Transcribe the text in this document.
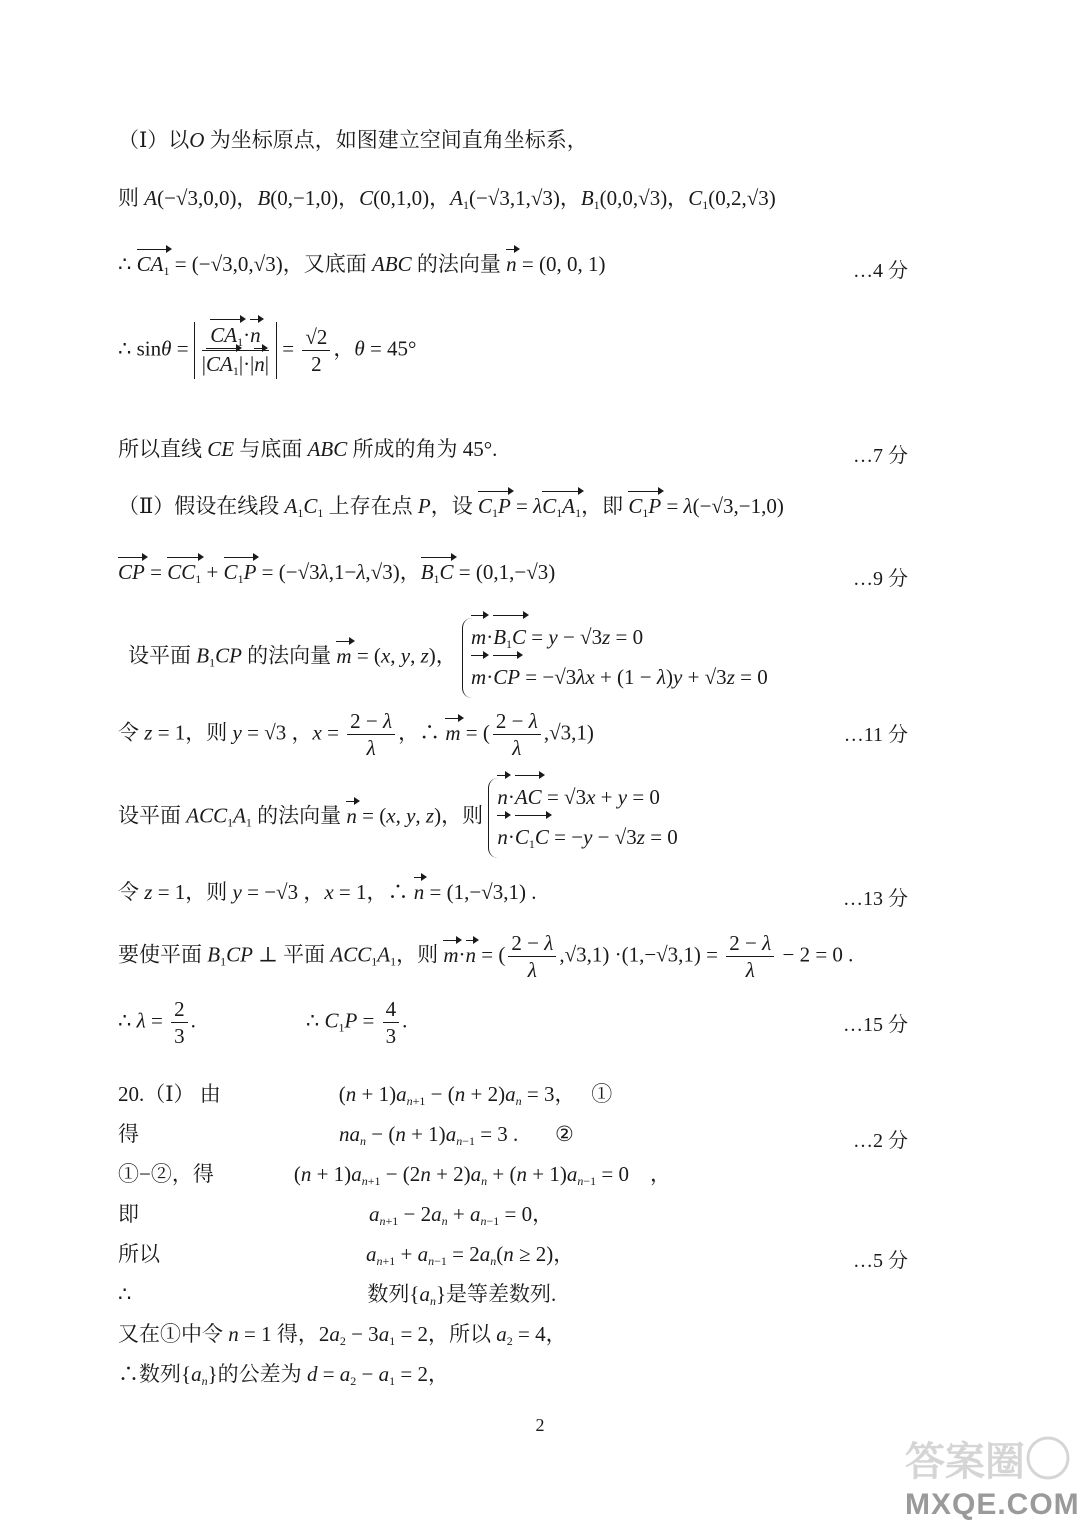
（Ⅰ）以O 为坐标原点，如图建立空间直角坐标系，
则 A(−√3,0,0)，B(0,−1,0)，C(0,1,0)，$A_1(-√3,1,√3)$，$B_1(0,0,√3)$，$C_1(0,2,√3)$
∴ $CA_1 = (-√3,0,√3)$，又底面 ABC 的法向量 n = (0, 0, 1)	…4 分
∴ $\sin\theta = \frac{CA_1\cdot n}{|CA_1|\cdot|n|} = \frac{√2}{2}$ ，θ = 45°
所以直线 CE 与底面 ABC 所成的角为 45°.	…7 分
（Ⅱ）假设在线段 $A_1C_1$ 上存在点 P，设 $C_1P = \lambda C_1A_1$，即 $C_1P = \lambda(-√3,-1,0)$
CP = $CC_1 + C_1P = (-√3\lambda,1-\lambda,√3)$，$B_1C = (0,1,-√3)$	…9 分
设平面 $B_1CP$ 的法向量 m = (x, y, z)，
$m\cdot B_1C = y - √3z = 0$
m·CP = −√3λx + (1 − λ)y + √3z = 0
令 z = 1，则 y = √3 ，$x = \frac{2 - \lambda}{\lambda}$ ，∴ m = ( $\frac{2 - \lambda}{\lambda} ,√3,1$)	…11 分
设平面 $ACC_1A_1$ 的法向量 n = (x, y, z)，则
n·AC = √3x + y = 0
$n\cdot C_1C = -y - √3z = 0$
令 z = 1，则 y = −√3 ，x = 1，∴ n = (1,−√3,1) .	…13 分
要使平面 $B_1CP$ ⊥ 平面 $ACC_1A_1$，则 m·n = ( $\frac{2 - \lambda}{\lambda} ,√3,1) \cdot(1,-√3,1) = \frac{2 - \lambda}{\lambda} - 2 = 0$ .
∴ $\lambda = \frac{2}{3}$ .	∴ $C_1P = \frac{4}{3}$ .	…15 分
20.（Ⅰ） 由	$(n + 1)a_{n+1} - (n + 2)a_n = 3$，   ①
得	$na_n - (n + 1)a_{n-1} = 3$ .       ②	…2 分
①−②，得	$(n + 1)a_{n+1} - (2n + 2)a_n + (n + 1)a_{n-1} = 0$    ，
即	$a_{n+1} - 2a_n + a_{n-1} = 0$，
所以	$a_{n+1} + a_{n-1} = 2a_n(n \ge 2)$，	…5 分
∴	数列$\{a_n\}$是等差数列.
又在①中令 n = 1 得，$2a_2 - 3a_1 = 2$，所以 $a_2 = 4$，
∴数列$\{a_n\}$的公差为 $d = a_2 - a_1 = 2$，
2
答案圈
MXQE.COM
